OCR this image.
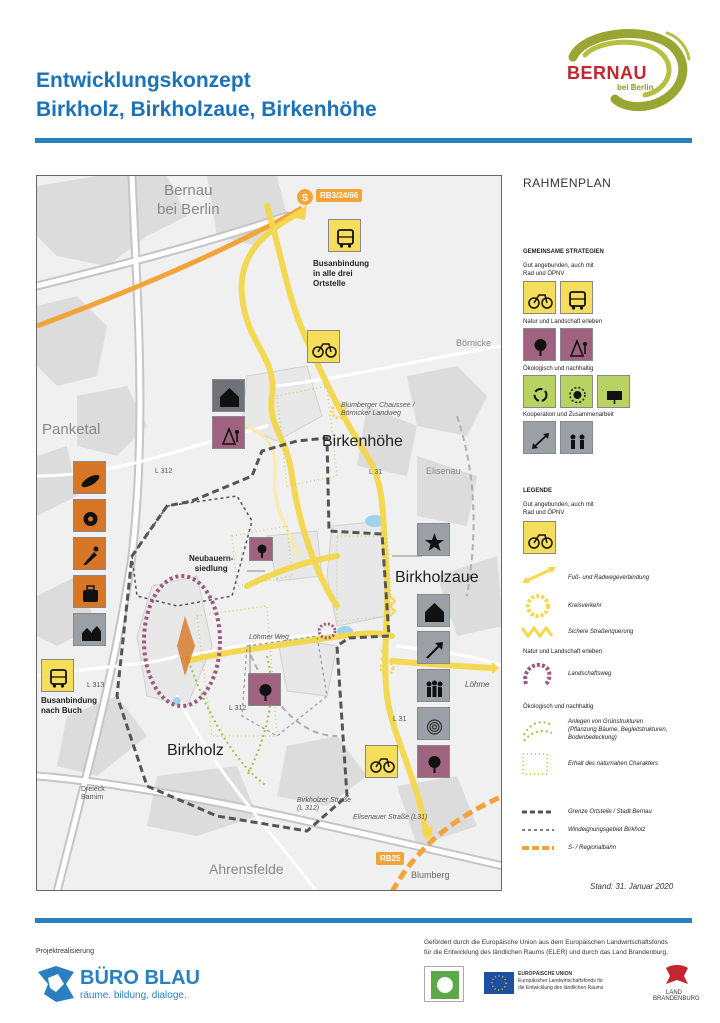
Entwicklungskonzept
Birkholz, Birkholzaue, Birkenhöhe
BERNAU
bei Berlin
S
Bernau
bei Berlin
Panketal
Börnicke
Elisenau
Birkenhöhe
Birkholzaue
Birkholz
Ahrensfelde	Blumberg
Löhme
Dreieck
Barnim
Neubauern-
siedlung
L 312
L 312
L 313
L 31
L 31
Löhmer Weg
Blumberger Chaussee /
Börnicker Landweg
Birkholzer Straße
(L 312)
Elisenauer Straße (L31)
RB3/24/66
RB25
Busanbindung
in alle drei
Ortstelle
Busanbindung
nach Buch
RAHMENPLAN
GEMEINSAME STRATEGIEN
Gut angebunden, auch mit
Rad und ÖPNV
Natur und Landschaft erleben
Ökologisch und nachhaltig
Kooperation und Zusammenarbeit
LEGENDE
Gut angebunden, auch mit
Rad und ÖPNV
Fuß- und Radwegeverbindung
Kreisverkehr
Sichere Straßenquerung
Natur und Landschaft erleben
Landschaftsweg
Ökologisch und nachhaltig
Anlegen von Grünstrukturen
(Pflanzung Bäume, Begleitstrukturen,
Bodenbedeckung)
Erhalt des naturnahen Charakters
Grenze Ortsteile / Stadt Bernau
Windeignungsgebiet Birkholz
S- / Regionalbahn
Stand: 31. Januar 2020
Projektrealisierung
BÜRO BLAU
räume. bildung. dialoge.
Gefördert durch die Europäische Union aus dem Europäischen Landwirtschaftsfonds
für die Entwicklung des ländlichen Raums (ELER) und durch das Land Brandenburg.
EUROPÄISCHE UNION
Europäischer Landwirtschaftsfonds für
die Entwicklung des ländlichen Raums
LAND
BRANDENBURG
